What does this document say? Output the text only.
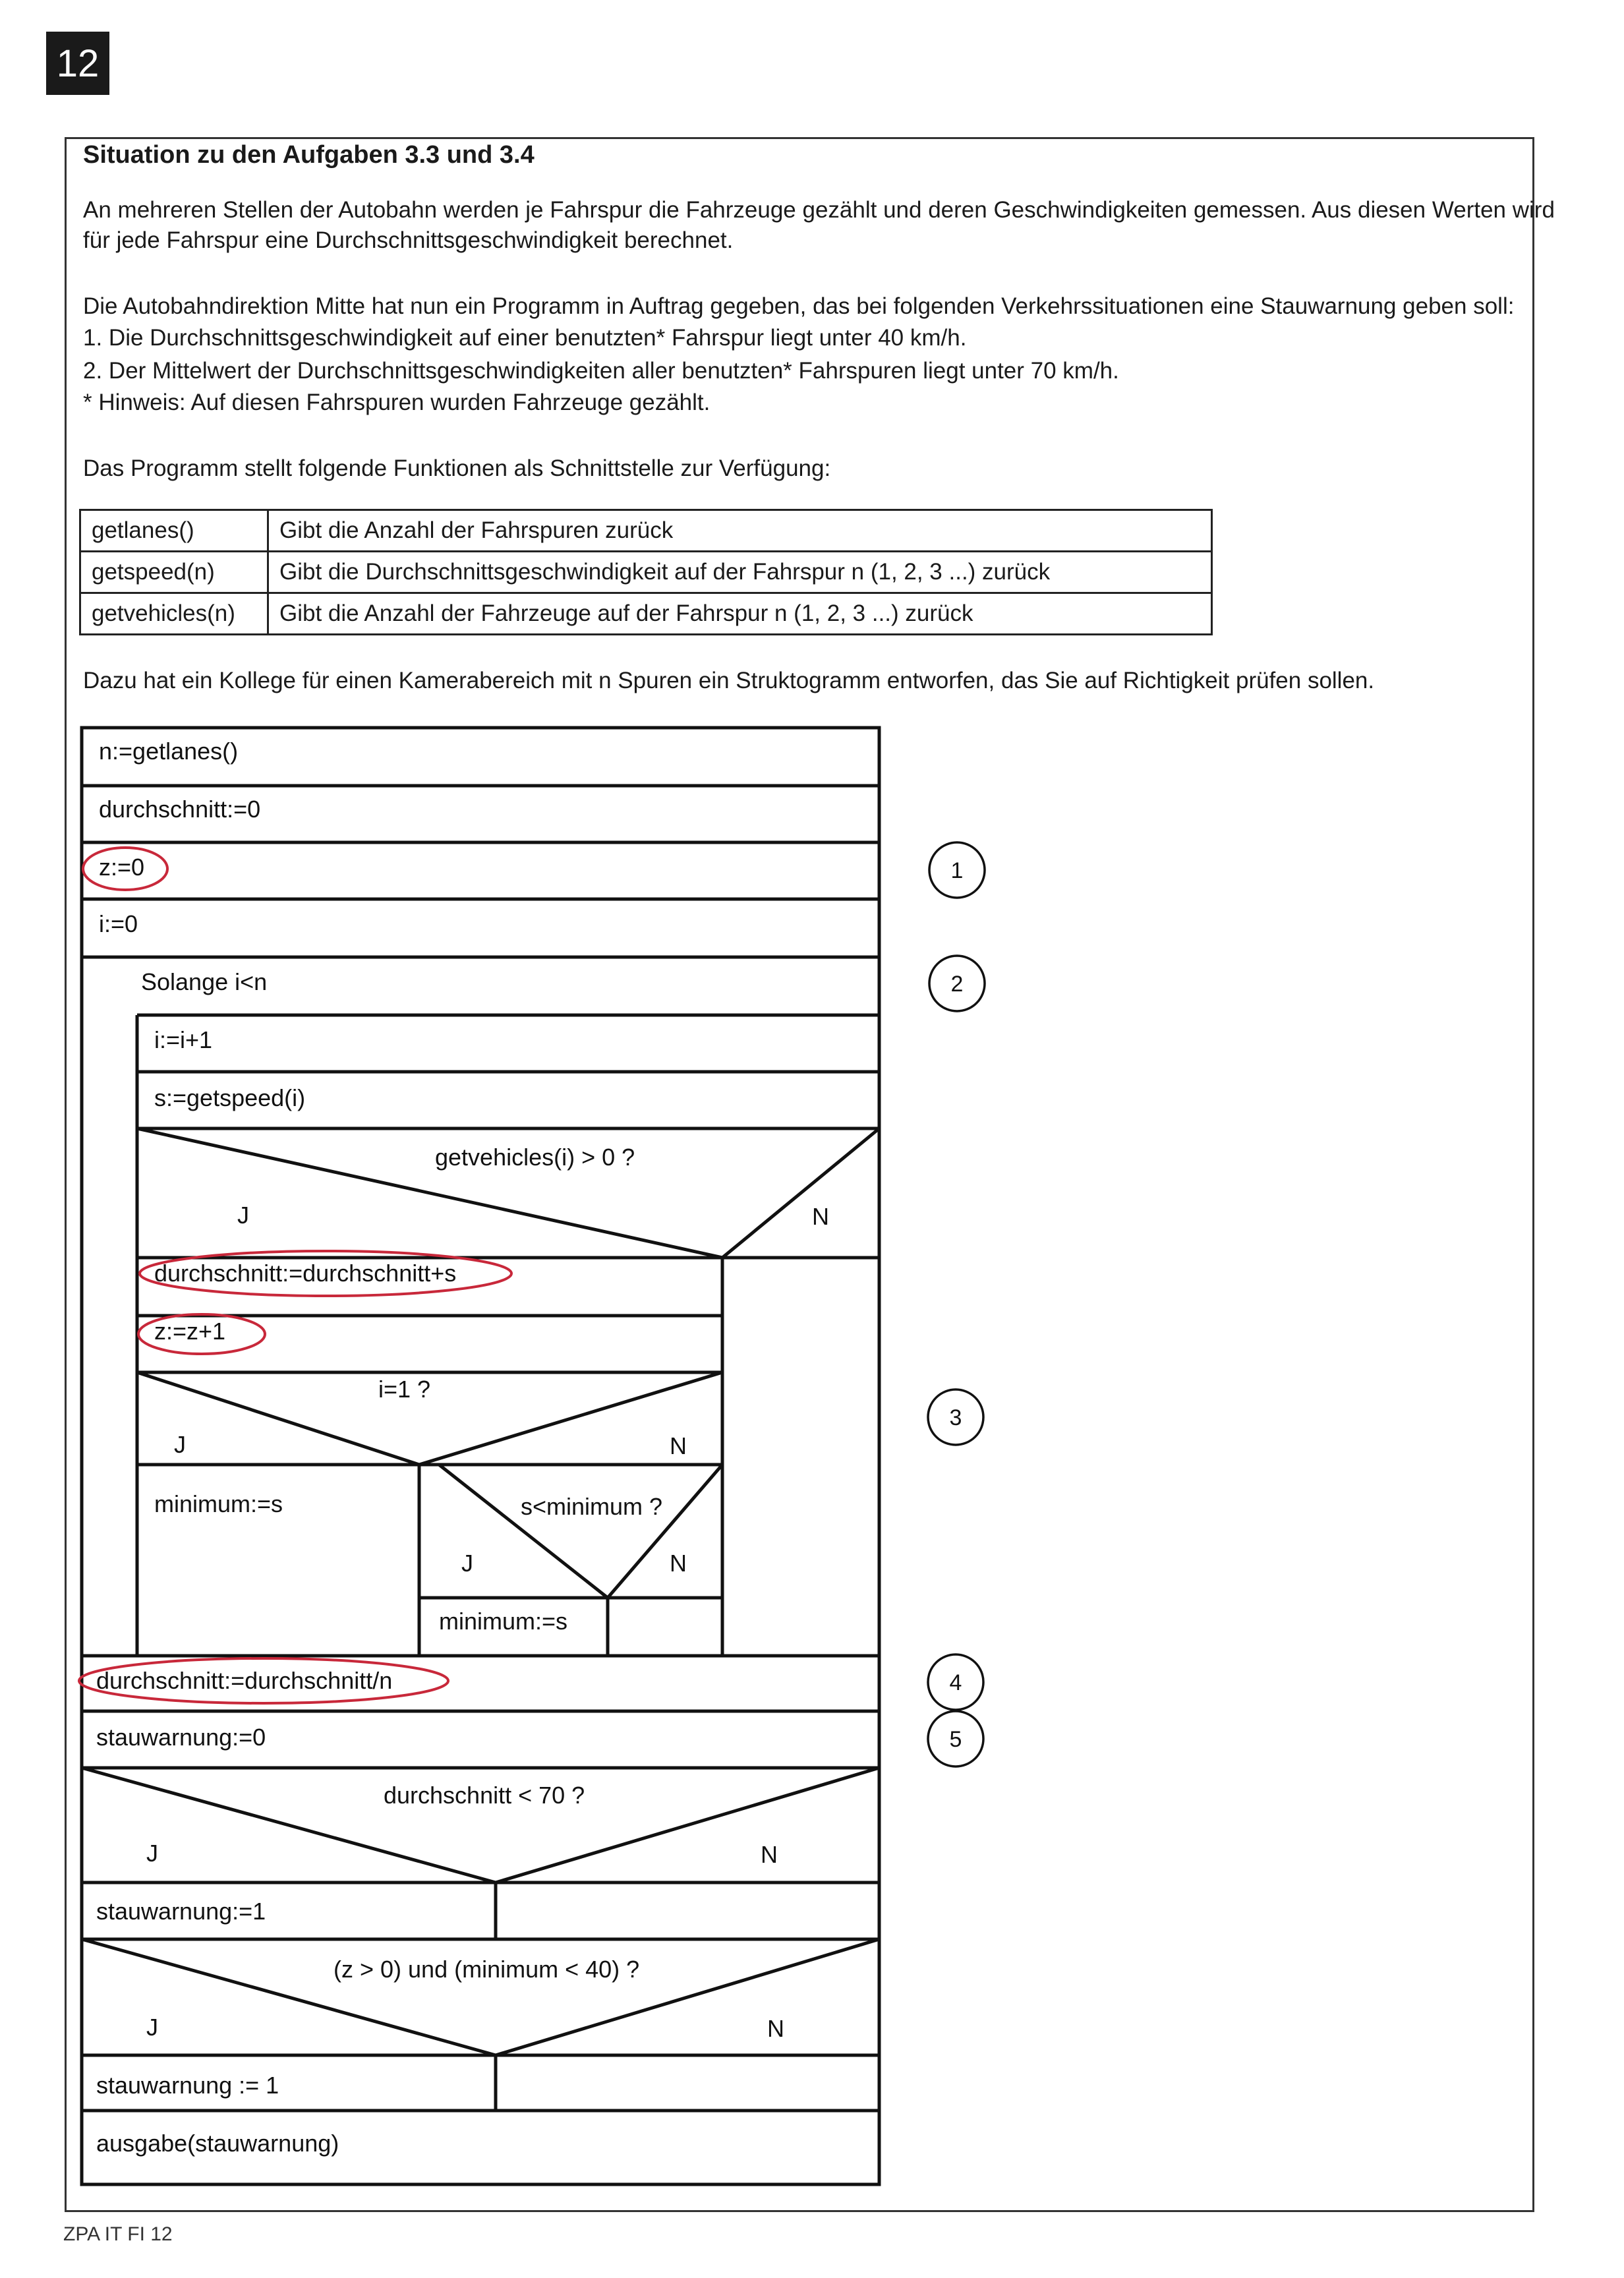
12
Situation zu den Aufgaben 3.3 und 3.4
An mehreren Stellen der Autobahn werden je Fahrspur die Fahrzeuge gezählt und deren Geschwindigkeiten gemessen. Aus diesen Werten wird
für jede Fahrspur eine Durchschnittsgeschwindigkeit berechnet.
Die Autobahndirektion Mitte hat nun ein Programm in Auftrag gegeben, das bei folgenden Verkehrssituationen eine Stauwarnung geben soll:
1. Die Durchschnittsgeschwindigkeit auf einer benutzten* Fahrspur liegt unter 40 km/h.
2. Der Mittelwert der Durchschnittsgeschwindigkeiten aller benutzten* Fahrspuren liegt unter 70 km/h.
* Hinweis: Auf diesen Fahrspuren wurden Fahrzeuge gezählt.
Das Programm stellt folgende Funktionen als Schnittstelle zur Verfügung:
getlanes()	Gibt die Anzahl der Fahrspuren zurück
getspeed(n)	Gibt die Durchschnittsgeschwindigkeit auf der Fahrspur n (1, 2, 3 ...) zurück
getvehicles(n)	Gibt die Anzahl der Fahrzeuge auf der Fahrspur n (1, 2, 3 ...) zurück
Dazu hat ein Kollege für einen Kamerabereich mit n Spuren ein Struktogramm entworfen, das Sie auf Richtigkeit prüfen sollen.
n:=getlanes()
durchschnitt:=0
z:=0
i:=0
Solange i<n
i:=i+1
s:=getspeed(i)
getvehicles(i) > 0 ?
J	N
durchschnitt:=durchschnitt+s
z:=z+1
i=1 ?
J	N
minimum:=s	s<minimum ?
J	N
minimum:=s
durchschnitt:=durchschnitt/n
stauwarnung:=0
durchschnitt < 70 ?
J	N
stauwarnung:=1
(z > 0) und (minimum < 40) ?
J	N
stauwarnung := 1
ausgabe(stauwarnung)
1
2
3
4
5
ZPA IT FI 12
